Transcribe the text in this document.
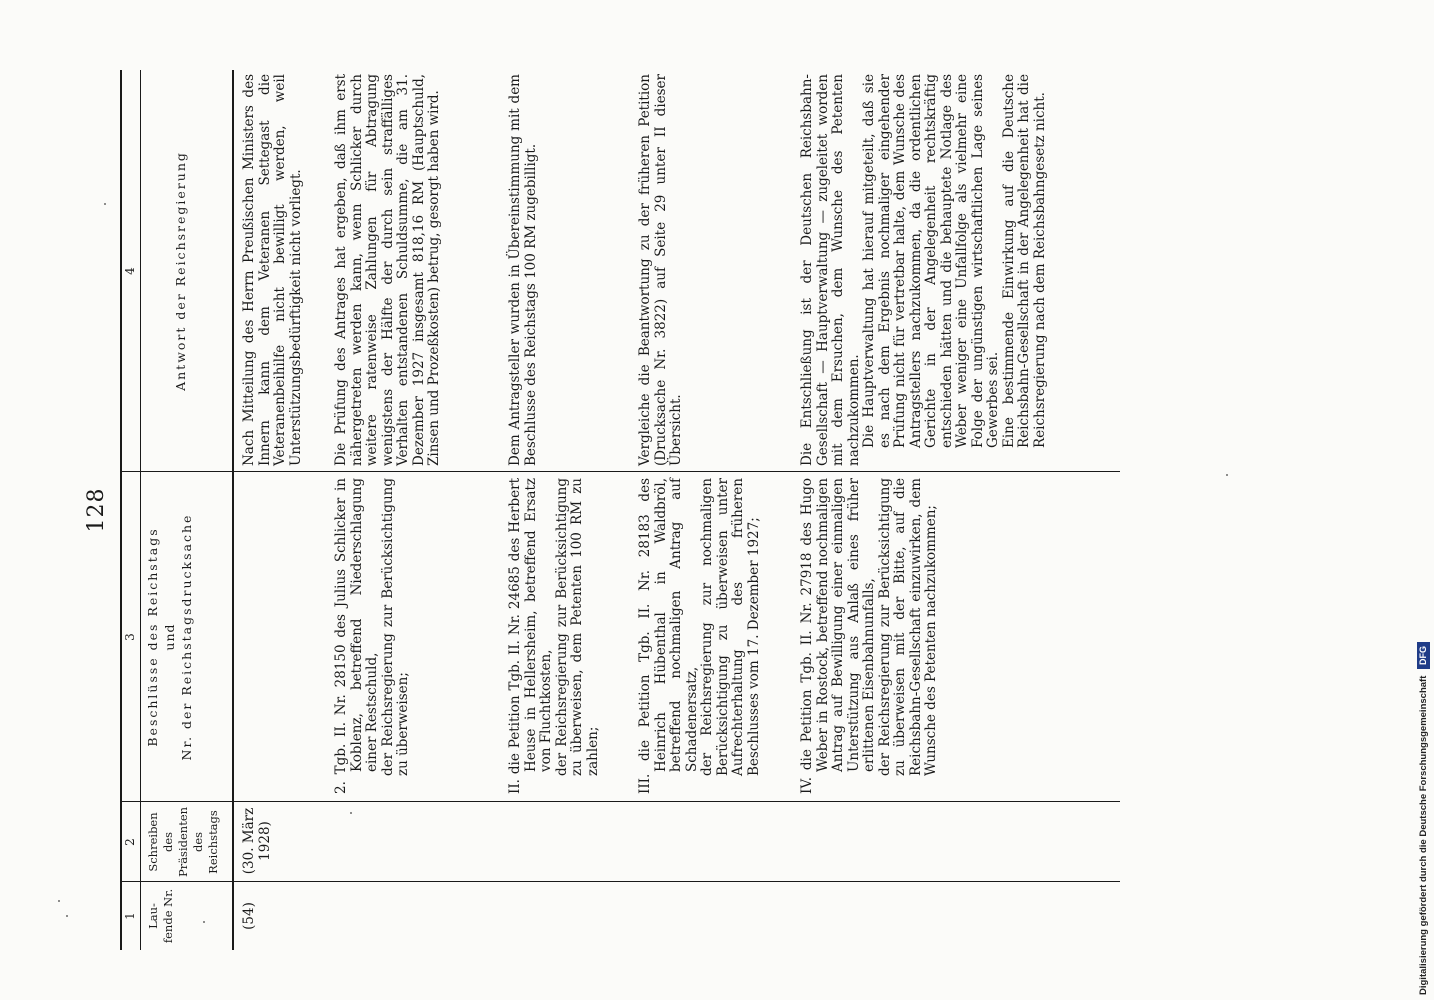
128
1
2
3
4
Lau-fende Nr.
Schreiben des Präsidenten des Reichstags
Beschlüsse des Reichstags und Nr. der Reichstagsdrucksache
Antwort der Reichsregierung
(54)
(30. März 1928)
Nach Mitteilung des Herrn Preußischen Ministers des Innern kann dem Veteranen Settegast die Veteranenbeihilfe nicht bewilligt werden, weil Unterstützungsbedürftigkeit nicht vorliegt.

2. Tgb. II. Nr. 28150 des Julius Schlicker in Koblenz, betreffend Niederschlagung einer Restschuld, der Reichsregierung zur Berücksichtigung zu überweisen;

Die Prüfung des Antrages hat ergeben, daß ihm erst nähergetreten werden kann, wenn Schlicker durch weitere ratenweise Zahlungen für Abtragung wenigstens der Hälfte der durch sein straffälliges Verhalten entstandenen Schuldsumme, die am 31. Dezember 1927 insgesamt 818,16 RM (Hauptschuld, Zinsen und Prozeßkosten) betrug, gesorgt haben wird.

II. die Petition Tgb. II. Nr. 24685 des Herbert Heuse in Hellersheim, betreffend Ersatz von Fluchtkosten, der Reichsregierung zur Berücksichtigung zu überweisen, dem Petenten 100 RM zu zahlen;

Dem Antragsteller wurden in Übereinstimmung mit dem Beschlusse des Reichstags 100 RM zugebilligt.

III. die Petition Tgb. II. Nr. 28183 des Heinrich Hübenthal in Waldbröl, betreffend nochmaligen Antrag auf Schadenersatz, der Reichsregierung zur nochmaligen Berücksichtigung zu überweisen unter Aufrechterhaltung des früheren Beschlusses vom 17. Dezember 1927;

Vergleiche die Beantwortung zu der früheren Petition (Drucksache Nr. 3822) auf Seite 29 unter II dieser Übersicht.

IV. die Petition Tgb. II. Nr. 27918 des Hugo Weber in Rostock, betreffend nochmaligen Antrag auf Bewilligung einer einmaligen Unterstützung aus Anlaß eines früher erlittenen Eisenbahnunfalls, der Reichsregierung zur Berücksichtigung zu überweisen mit der Bitte, auf die Reichsbahn-Gesellschaft einzuwirken, dem Wunsche des Petenten nachzukommen;

Die Entschließung ist der Deutschen Reichsbahn-Gesellschaft — Hauptverwaltung — zugeleitet worden mit dem Ersuchen, dem Wunsche des Petenten nachzukommen. Die Hauptverwaltung hat hierauf mitgeteilt, daß sie es nach dem Ergebnis nochmaliger eingehender Prüfung nicht für vertretbar halte, dem Wunsche des Antragstellers nachzukommen, da die ordentlichen Gerichte in der Angelegenheit rechtskräftig entschieden hätten und die behauptete Notlage des Weber weniger eine Unfallfolge als vielmehr eine Folge der ungünstigen wirtschaftlichen Lage seines Gewerbes sei. Eine bestimmende Einwirkung auf die Deutsche Reichsbahn-Gesellschaft in der Angelegenheit hat die Reichsregierung nach dem Reichsbahngesetz nicht.

Digitalisierung gefördert durch die Deutsche Forschungsgemeinschaft DFG
